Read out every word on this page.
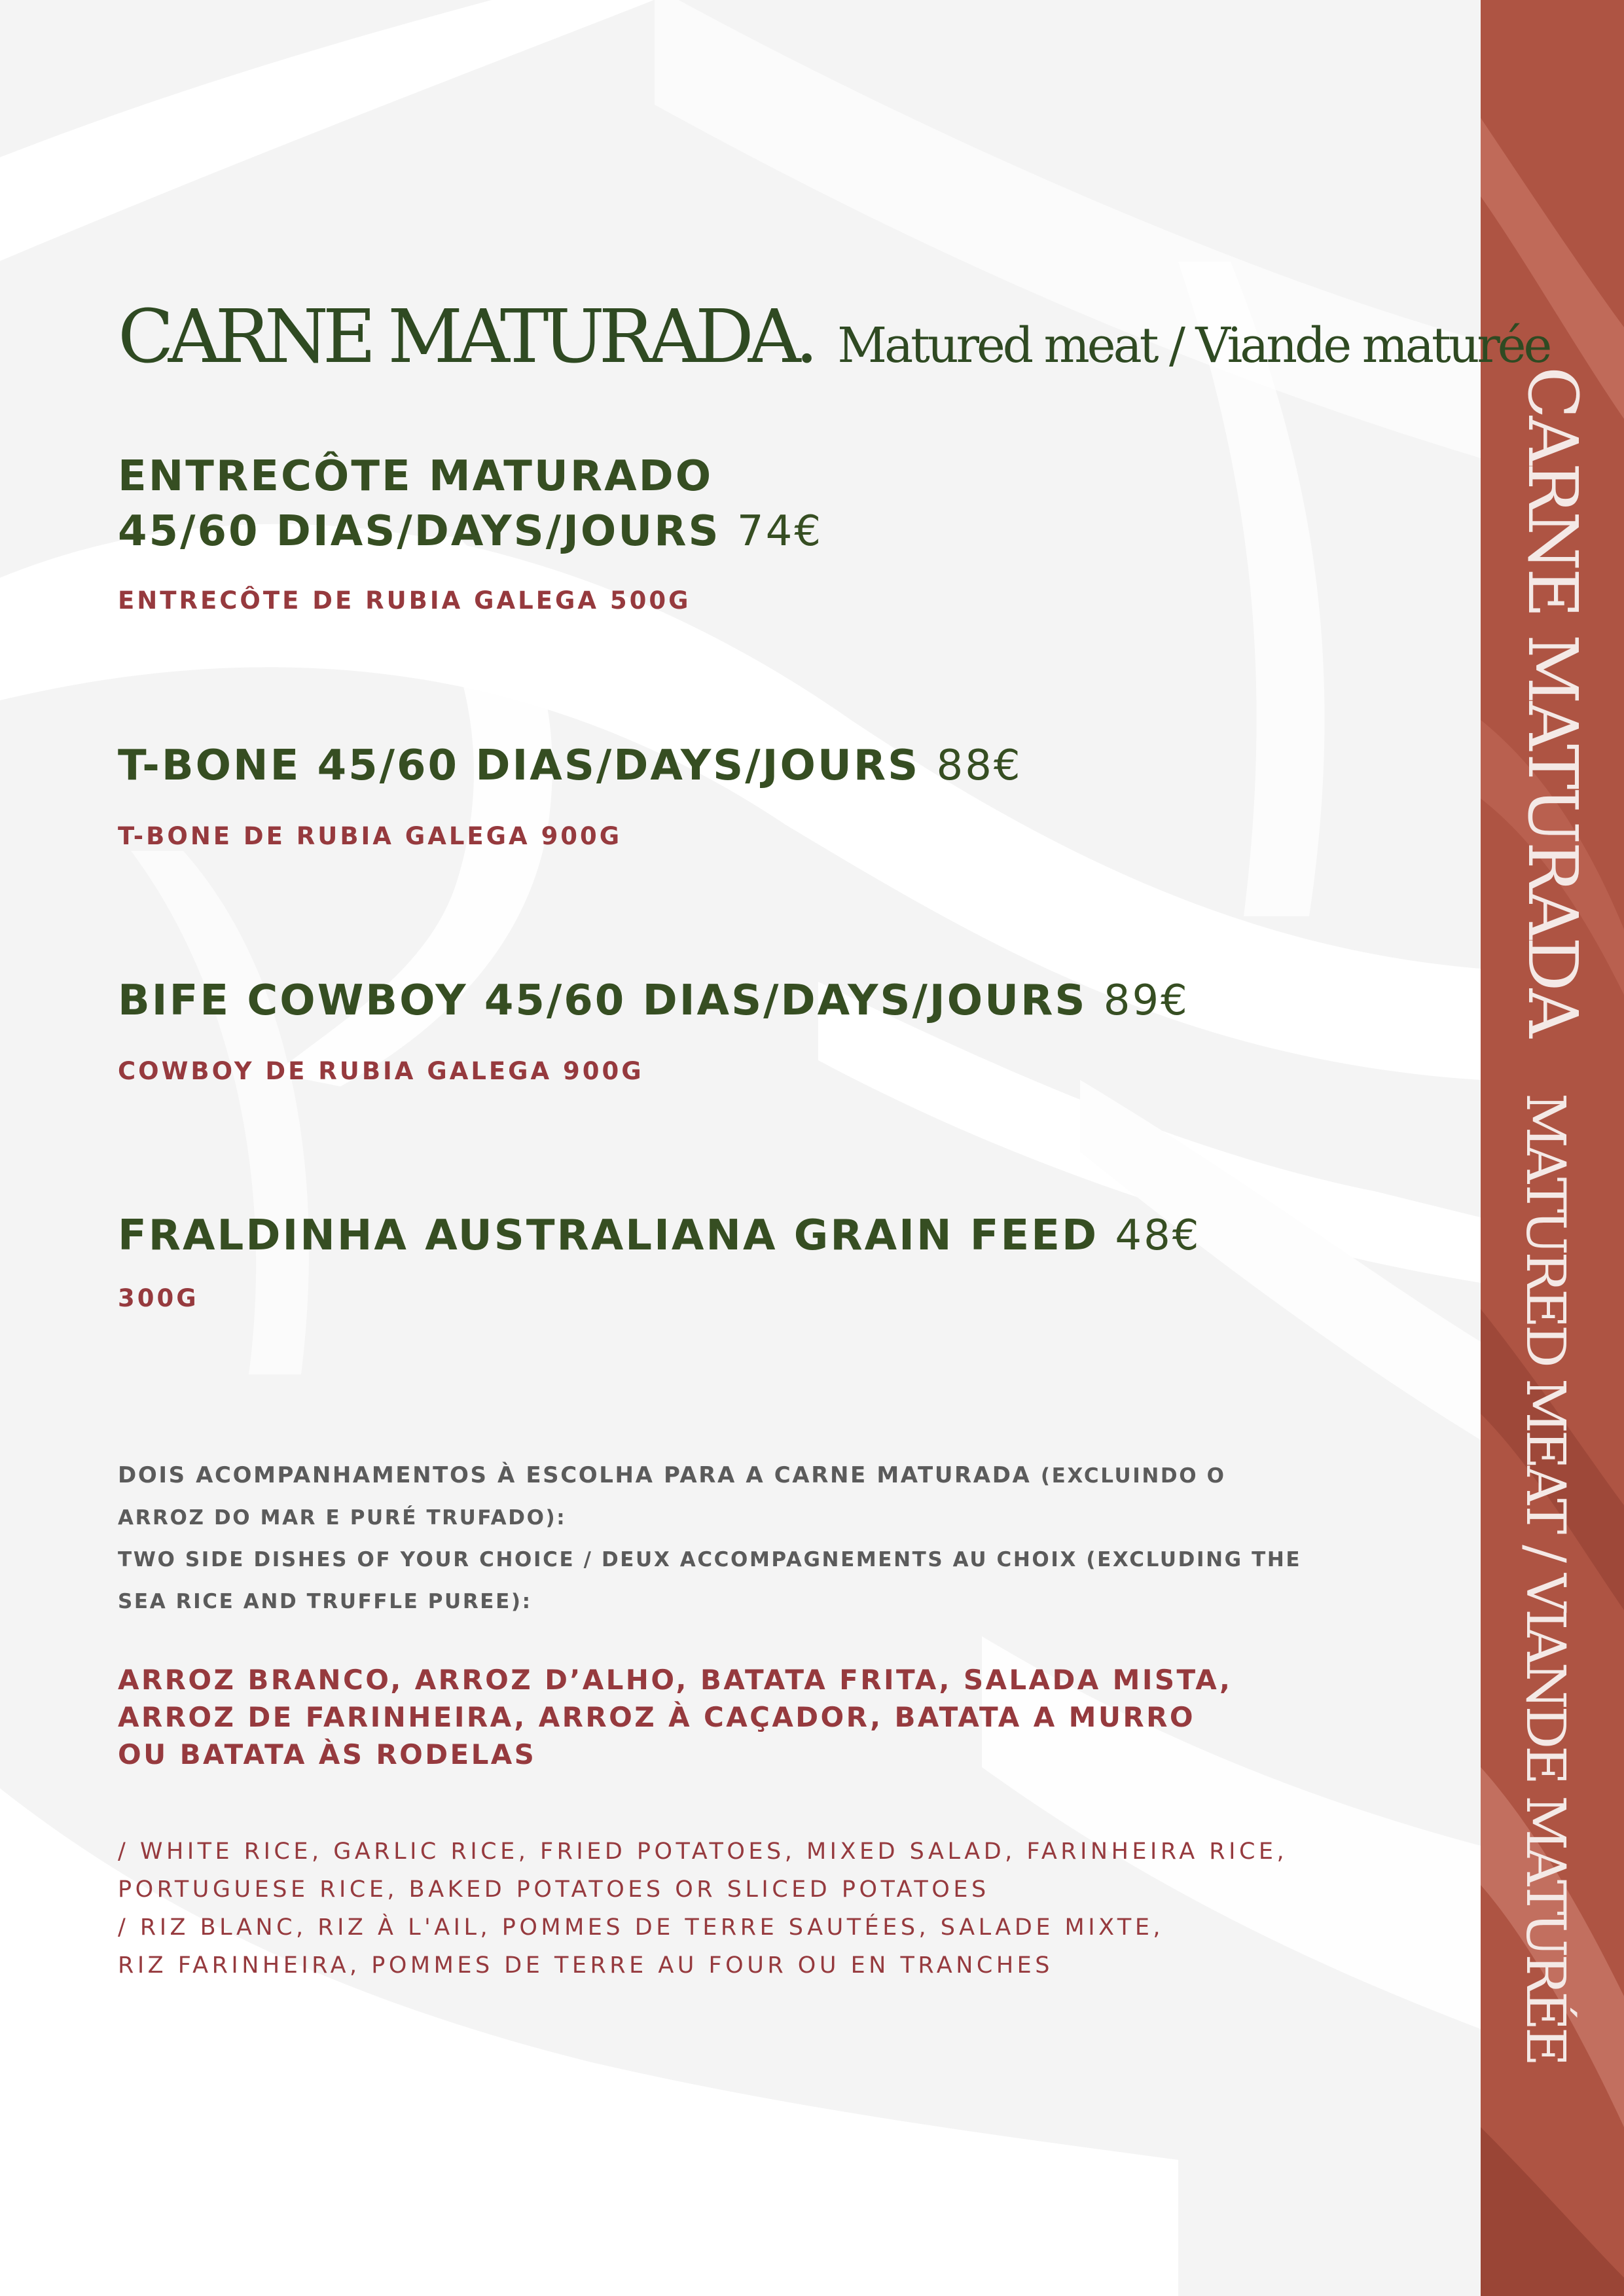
CARNE MATURADA
MATURED MEAT / VIANDE MATURÉE
CARNE MATURADA. Matured meat / Viande maturée
ENTRECÔTE MATURADO
45/60 DIAS/DAYS/JOURS 74€
ENTRECÔTE DE RUBIA GALEGA 500G
T-BONE 45/60 DIAS/DAYS/JOURS 88€
T-BONE DE RUBIA GALEGA 900G
BIFE COWBOY 45/60 DIAS/DAYS/JOURS 89€
COWBOY DE RUBIA GALEGA 900G
FRALDINHA AUSTRALIANA GRAIN FEED 48€
300G
DOIS ACOMPANHAMENTOS À ESCOLHA PARA A CARNE MATURADA (EXCLUINDO O
ARROZ DO MAR E PURÉ TRUFADO):
TWO SIDE DISHES OF YOUR CHOICE / DEUX ACCOMPAGNEMENTS AU CHOIX (EXCLUDING THE
SEA RICE AND TRUFFLE PUREE):
ARROZ BRANCO, ARROZ D’ALHO, BATATA FRITA, SALADA MISTA,
ARROZ DE FARINHEIRA, ARROZ À CAÇADOR, BATATA A MURRO
OU BATATA ÀS RODELAS
/ WHITE RICE, GARLIC RICE, FRIED POTATOES, MIXED SALAD, FARINHEIRA RICE,
PORTUGUESE RICE, BAKED POTATOES OR SLICED POTATOES
/ RIZ BLANC, RIZ À L'AIL, POMMES DE TERRE SAUTÉES, SALADE MIXTE,
RIZ FARINHEIRA, POMMES DE TERRE AU FOUR OU EN TRANCHES
